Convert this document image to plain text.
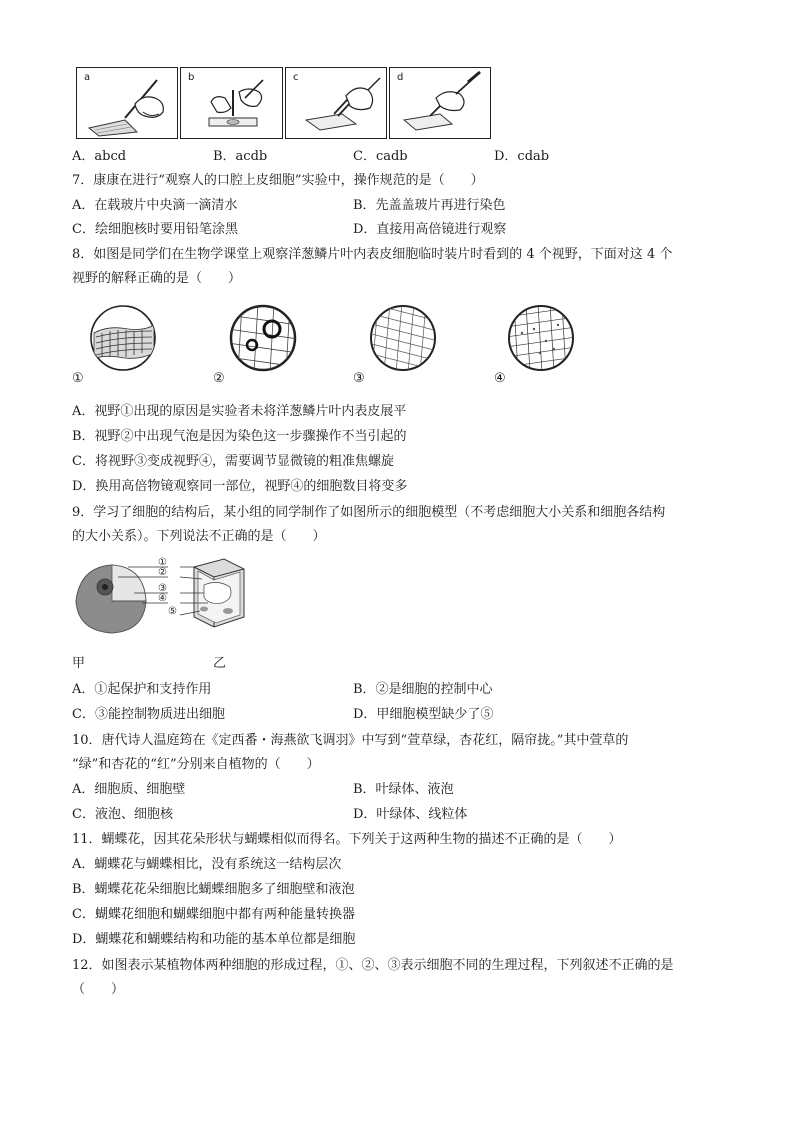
a	b	c	d
A．abcd	B．acdb	C．cadb	D．cdab
7．康康在进行“观察人的口腔上皮细胞”实验中，操作规范的是（　　）
A．在载玻片中央滴一滴清水	B．先盖盖玻片再进行染色
C．绘细胞核时要用铅笔涂黑	D．直接用高倍镜进行观察
8．如图是同学们在生物学课堂上观察洋葱鳞片叶内表皮细胞临时装片时看到的 4 个视野，下面对这 4 个
视野的解释正确的是（　　）
①	②	③	④
A．视野①出现的原因是实验者未将洋葱鳞片叶内表皮展平
B．视野②中出现气泡是因为染色这一步骤操作不当引起的
C．将视野③变成视野④，需要调节显微镜的粗准焦螺旋
D．换用高倍物镜观察同一部位，视野④的细胞数目将变多
9．学习了细胞的结构后，某小组的同学制作了如图所示的细胞模型（不考虑细胞大小关系和细胞各结构
的大小关系）。下列说法不正确的是（　　）
①
②
③
④
⑤
甲	乙
A．①起保护和支持作用	B．②是细胞的控制中心
C．③能控制物质进出细胞	D．甲细胞模型缺少了⑤
10．唐代诗人温庭筠在《定西番・海燕欲飞调羽》中写到“萱草绿，杏花红，隔帘拢。”其中萱草的
“绿”和杏花的“红”分别来自植物的（　　）
A．细胞质、细胞壁	B．叶绿体、液泡
C．液泡、细胞核	D．叶绿体、线粒体
11．蝴蝶花，因其花朵形状与蝴蝶相似而得名。下列关于这两种生物的描述不正确的是（　　）
A．蝴蝶花与蝴蝶相比，没有系统这一结构层次
B．蝴蝶花花朵细胞比蝴蝶细胞多了细胞壁和液泡
C．蝴蝶花细胞和蝴蝶细胞中都有两种能量转换器
D．蝴蝶花和蝴蝶结构和功能的基本单位都是细胞
12．如图表示某植物体两种细胞的形成过程，①、②、③表示细胞不同的生理过程，下列叙述不正确的是
（　　）
